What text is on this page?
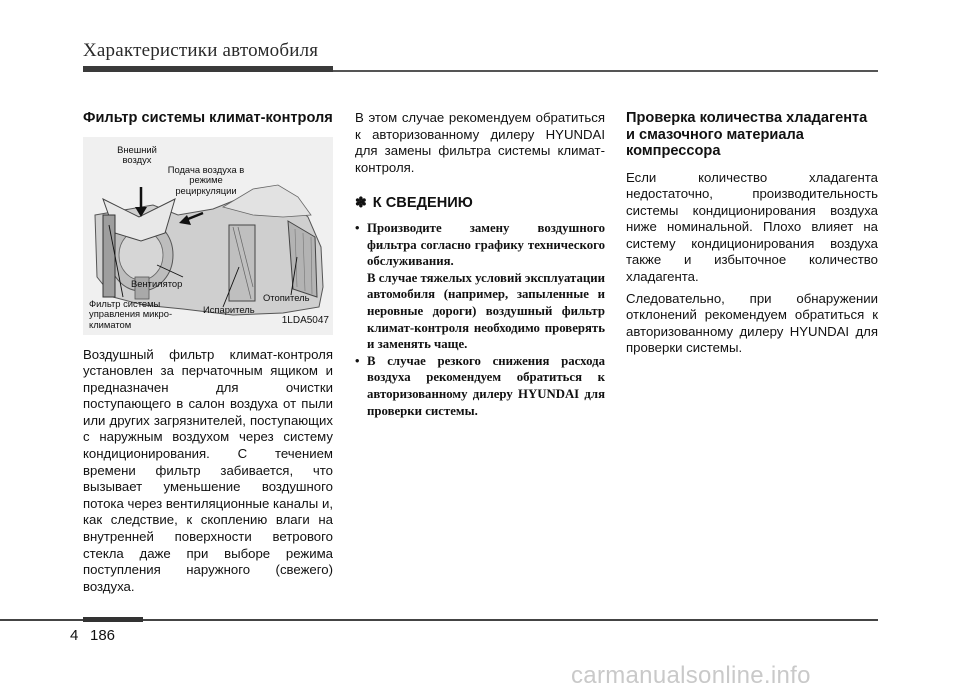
Характеристики автомобиля
Фильтр системы климат-контроля
Внешний воздух
Подача воздуха в режиме рециркуляции
Вентилятор
Фильтр системы управления микро-климатом
Испаритель
Отопитель
1LDA5047

Воздушный фильтр климат-контроля установлен за перчаточным ящиком и предназначен для очистки поступающего в салон воздуха от пыли или других загрязнителей, поступающих с наружным воздухом через систему кондиционирования. С течением времени фильтр забивается, что вызывает уменьшение воздушного потока через вентиляционные каналы и, как следствие, к скоплению влаги на внутренней поверхности ветрового стекла даже при выборе режима поступления наружного (свежего) воздуха.

В этом случае рекомендуем обратиться к авторизованному дилеру HYUNDAI для замены фильтра системы климат-контроля.

✽ К СВЕДЕНИЮ
• Производите замену воздушного фильтра согласно графику технического обслуживания.

В случае тяжелых условий эксплуатации автомобиля (например, запыленные и неровные дороги) воздушный фильтр климат-контроля необходимо проверять и заменять чаще.

• В случае резкого снижения расхода воздуха рекомендуем обратиться к авторизованному дилеру HYUNDAI для проверки системы.

Проверка количества хладагента и смазочного материала компрессора

Если количество хладагента недостаточно, производительность системы кондиционирования воздуха ниже номинальной. Плохо влияет на систему кондиционирования воздуха также и избыточное количество хладагента.

Следовательно, при обнаружении отклонений рекомендуем обратиться к авторизованному дилеру HYUNDAI для проверки системы.

4 186
carmanualsonline.info
